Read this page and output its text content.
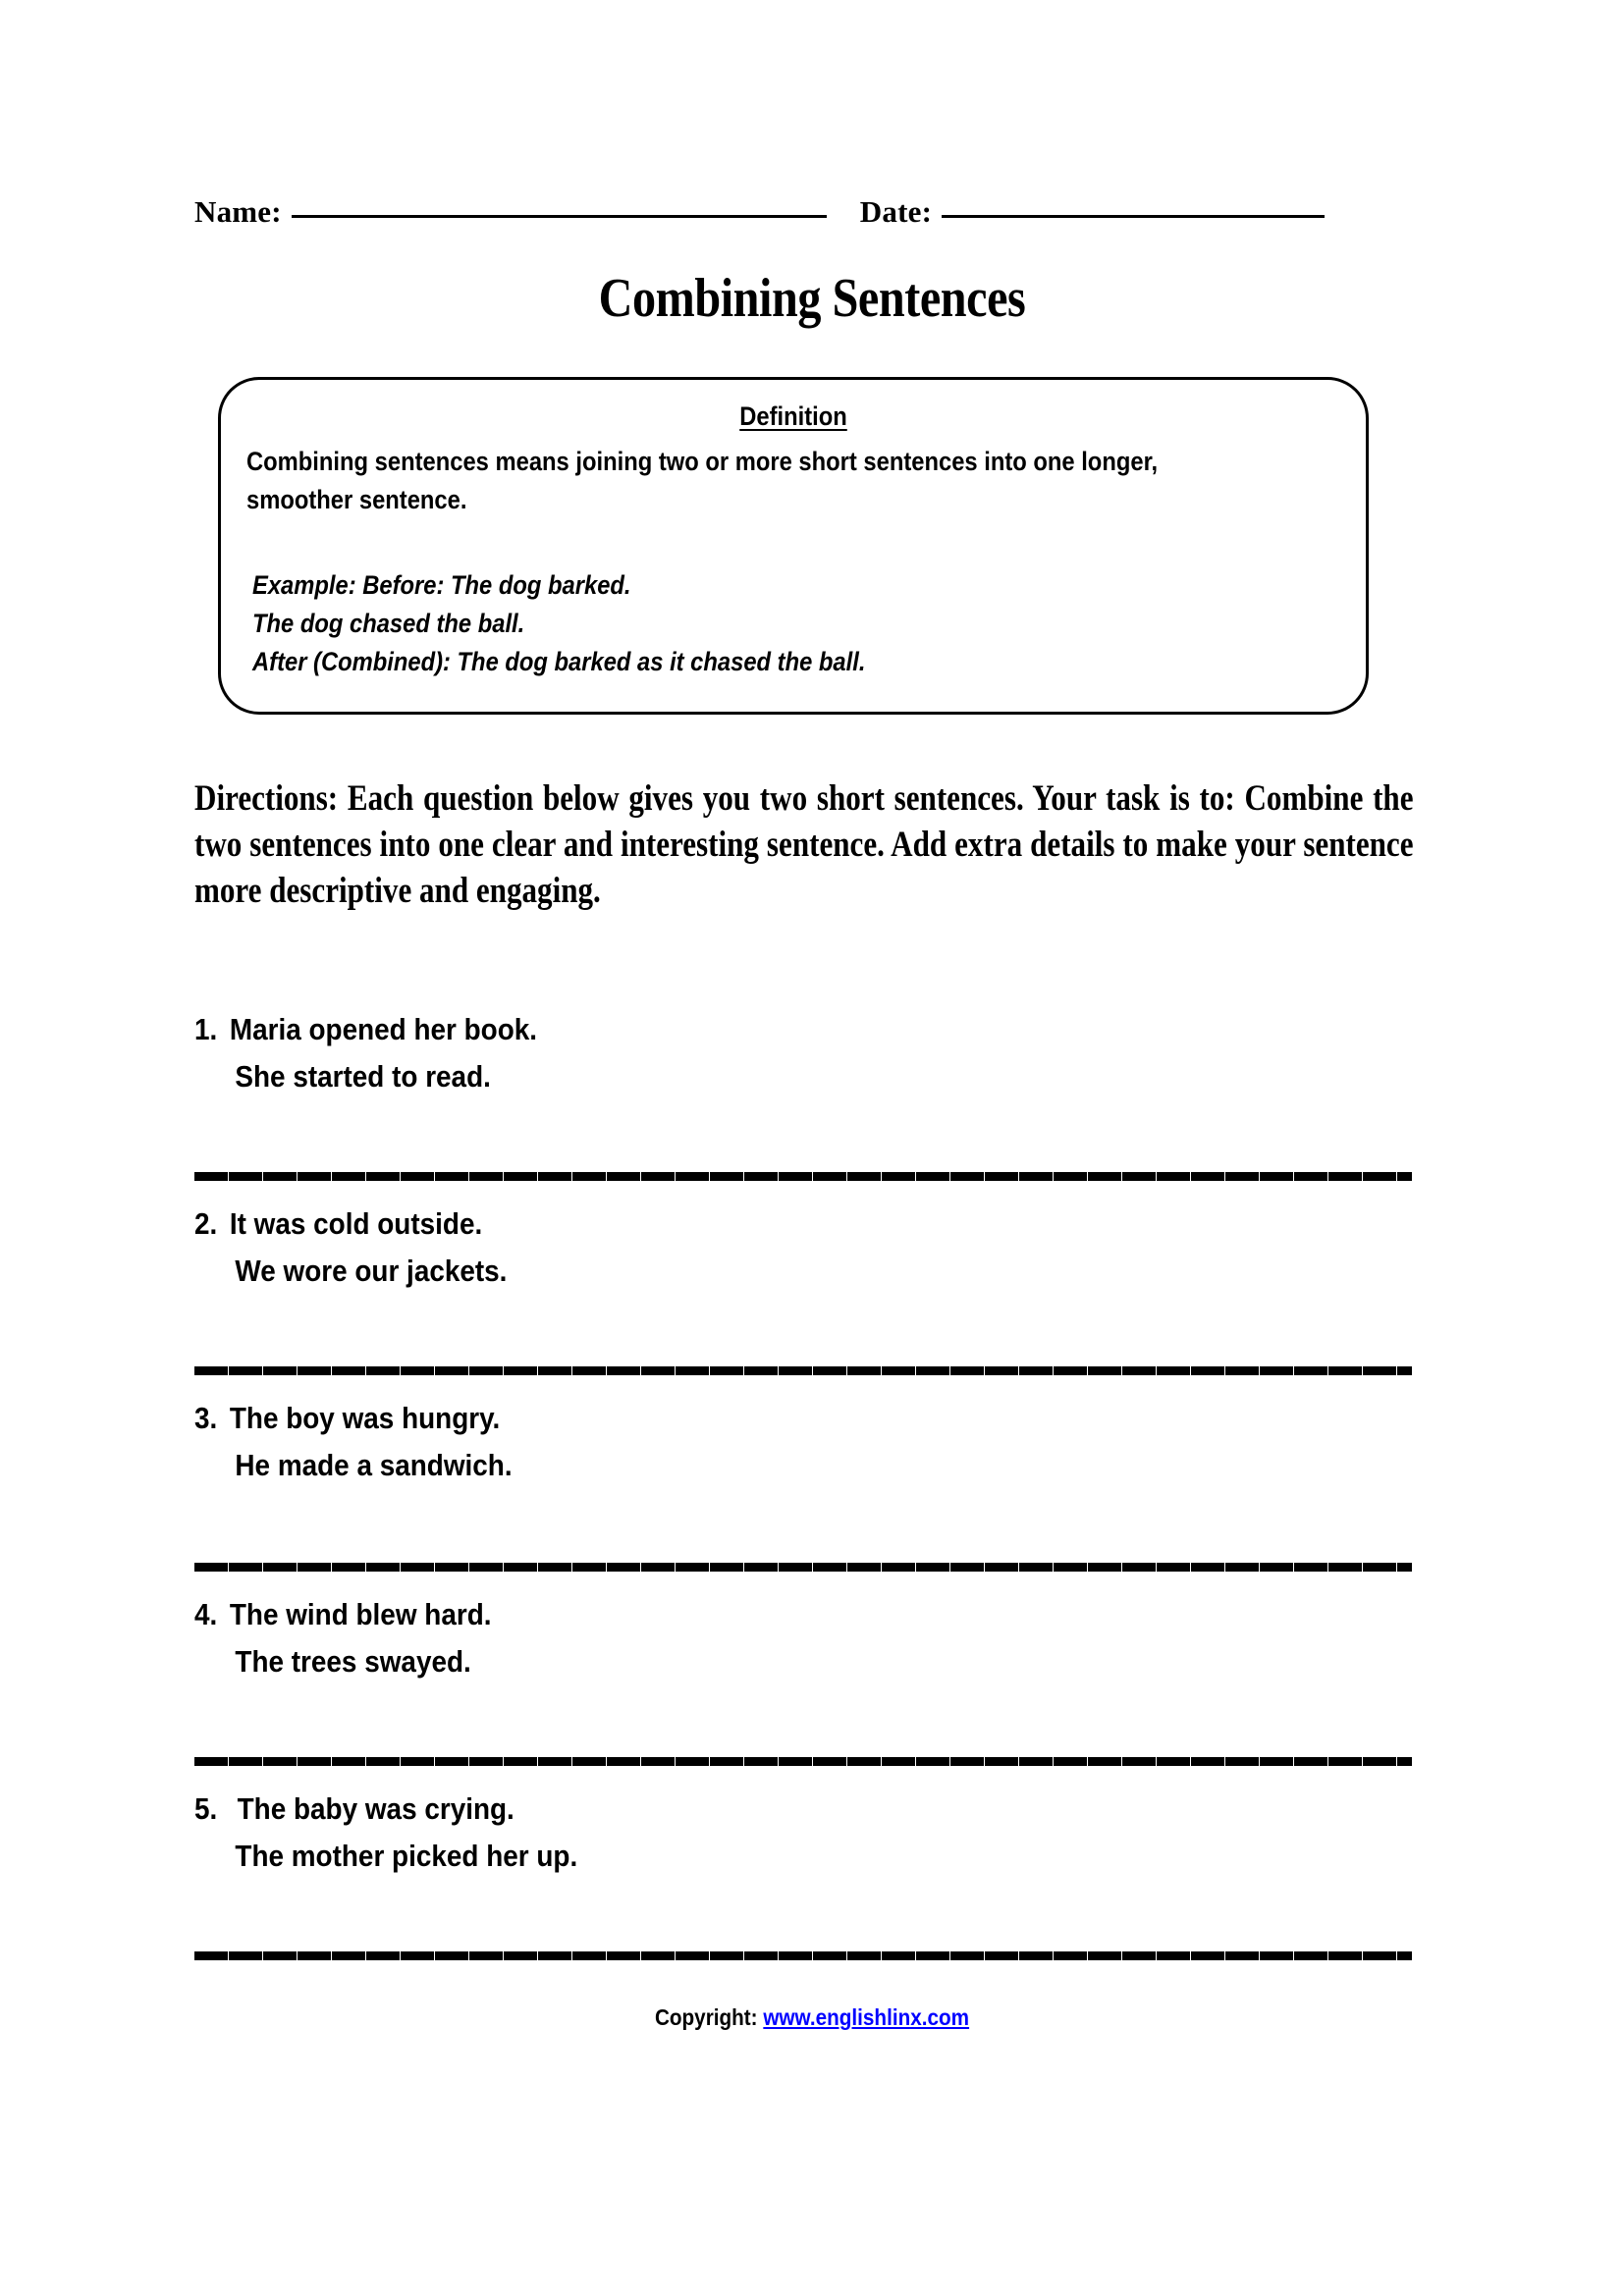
Name:	Date:
Combining Sentences
Definition
Combining sentences means joining two or more short sentences into one longer, smoother sentence.
Example: Before: The dog barked.
The dog chased the ball.
After (Combined): The dog barked as it chased the ball.
Directions: Each question below gives you two short sentences. Your task is to: Combine the two sentences into one clear and interesting sentence. Add extra details to make your sentence more descriptive and engaging.
1. Maria opened her book.
She started to read.
2. It was cold outside.
We wore our jackets.
3. The boy was hungry.
He made a sandwich.
4. The wind blew hard.
The trees swayed.
5. The baby was crying.
The mother picked her up.
Copyright: www.englishlinx.com
